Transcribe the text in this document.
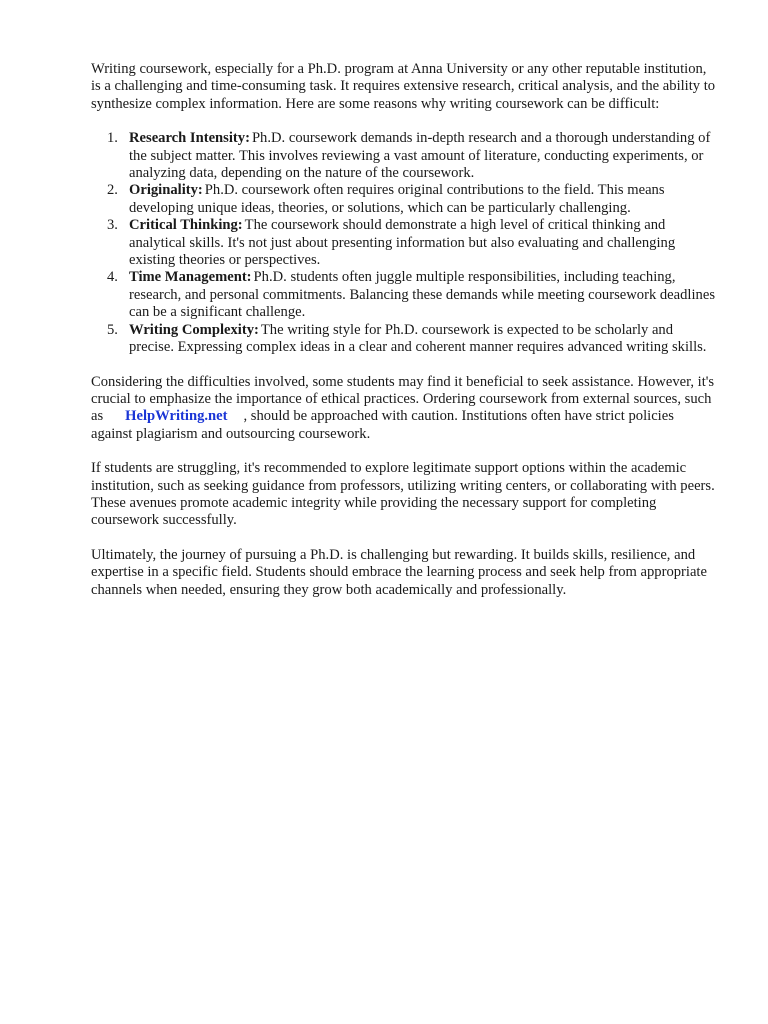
Writing coursework, especially for a Ph.D. program at Anna University or any other reputable institution, is a challenging and time-consuming task. It requires extensive research, critical analysis, and the ability to synthesize complex information. Here are some reasons why writing coursework can be difficult:

1. Research Intensity: Ph.D. coursework demands in-depth research and a thorough understanding of the subject matter. This involves reviewing a vast amount of literature, conducting experiments, or analyzing data, depending on the nature of the coursework.
2. Originality: Ph.D. coursework often requires original contributions to the field. This means developing unique ideas, theories, or solutions, which can be particularly challenging.
3. Critical Thinking: The coursework should demonstrate a high level of critical thinking and analytical skills. It's not just about presenting information but also evaluating and challenging existing theories or perspectives.
4. Time Management: Ph.D. students often juggle multiple responsibilities, including teaching, research, and personal commitments. Balancing these demands while meeting coursework deadlines can be a significant challenge.
5. Writing Complexity: The writing style for Ph.D. coursework is expected to be scholarly and precise. Expressing complex ideas in a clear and coherent manner requires advanced writing skills.

Considering the difficulties involved, some students may find it beneficial to seek assistance. However, it's crucial to emphasize the importance of ethical practices. Ordering coursework from external sources, such as HelpWriting.net , should be approached with caution. Institutions often have strict policies against plagiarism and outsourcing coursework.

If students are struggling, it's recommended to explore legitimate support options within the academic institution, such as seeking guidance from professors, utilizing writing centers, or collaborating with peers. These avenues promote academic integrity while providing the necessary support for completing coursework successfully.

Ultimately, the journey of pursuing a Ph.D. is challenging but rewarding. It builds skills, resilience, and expertise in a specific field. Students should embrace the learning process and seek help from appropriate channels when needed, ensuring they grow both academically and professionally.
